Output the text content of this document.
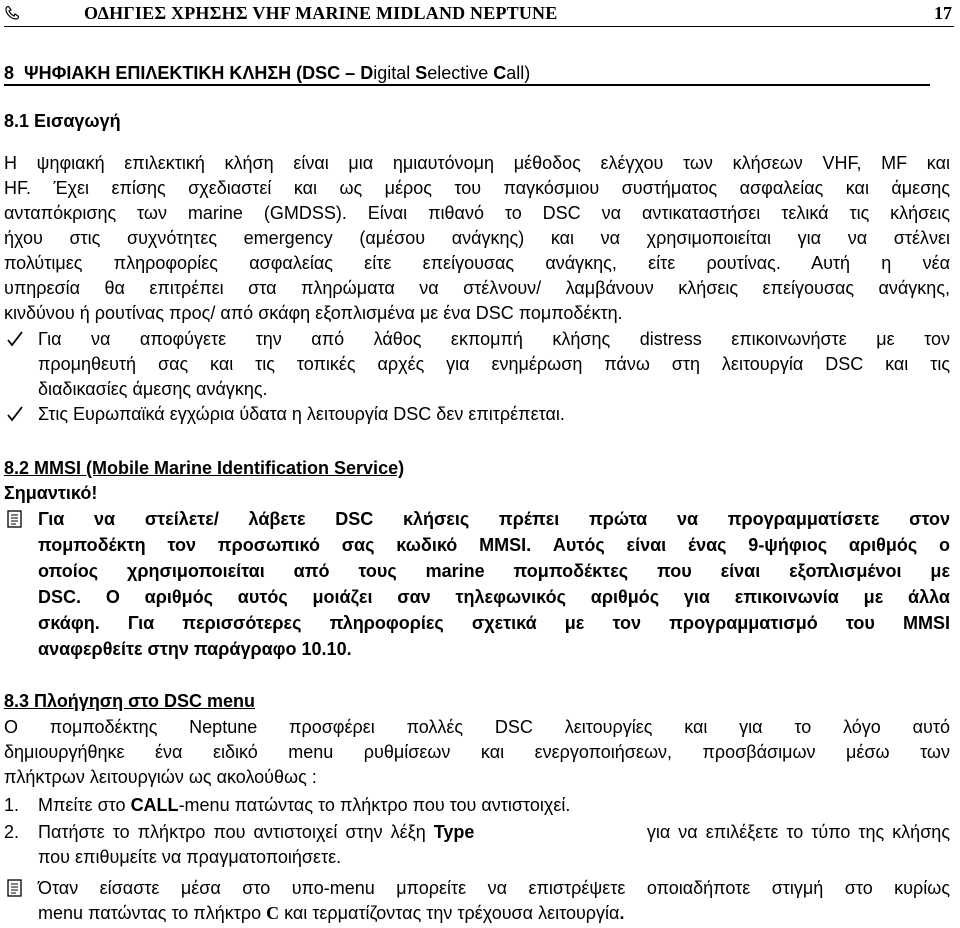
ΟΔΗΓΙΕΣ ΧΡΗΣΗΣ VHF MARINE MIDLAND NEPTUNE	17
8 ΨΗΦΙΑΚΗ ΕΠΙΛΕΚΤΙΚΗ ΚΛΗΣΗ (DSC – Digital Selective Call)
8.1 Εισαγωγή
Η ψηφιακή επιλεκτική κλήση είναι μια ημιαυτόνομη μέθοδος ελέγχου των κλήσεων VHF, MF και
HF. Έχει επίσης σχεδιαστεί και ως μέρος του παγκόσμιου συστήματος ασφαλείας και άμεσης
ανταπόκρισης των marine (GMDSS). Είναι πιθανό το DSC να αντικαταστήσει τελικά τις κλήσεις
ήχου στις συχνότητες emergency (αμέσου ανάγκης) και να χρησιμοποιείται για να στέλνει
πολύτιμες πληροφορίες ασφαλείας είτε επείγουσας ανάγκης, είτε ρουτίνας. Αυτή η νέα
υπηρεσία θα επιτρέπει στα πληρώματα να στέλνουν/ λαμβάνουν κλήσεις επείγουσας ανάγκης,
κινδύνου ή ρουτίνας προς/ από σκάφη εξοπλισμένα με ένα DSC πομποδέκτη.
Για να αποφύγετε την από λάθος εκπομπή κλήσης distress επικοινωνήστε με τον
προμηθευτή σας και τις τοπικές αρχές για ενημέρωση πάνω στη λειτουργία DSC και τις
διαδικασίες άμεσης ανάγκης.
Στις Ευρωπαϊκά εγχώρια ύδατα η λειτουργία DSC δεν επιτρέπεται.
8.2 MMSI (Mobile Marine Identification Service)
Σημαντικό!
Για να στείλετε/ λάβετε DSC κλήσεις πρέπει πρώτα να προγραμματίσετε στον
πομποδέκτη τον προσωπικό σας κωδικό MMSI. Αυτός είναι ένας 9-ψήφιος αριθμός ο
οποίος χρησιμοποιείται από τους marine πομποδέκτες που είναι εξοπλισμένοι με
DSC. Ο αριθμός αυτός μοιάζει σαν τηλεφωνικός αριθμός για επικοινωνία με άλλα
σκάφη. Για περισσότερες πληροφορίες σχετικά με τον προγραμματισμό του MMSI
αναφερθείτε στην παράγραφο 10.10.
8.3 Πλοήγηση στο DSC menu
Ο πομποδέκτης Neptune προσφέρει πολλές DSC λειτουργίες και για το λόγο αυτό
δημιουργήθηκε ένα ειδικό menu ρυθμίσεων και ενεργοποιήσεων, προσβάσιμων μέσω των
πλήκτρων λειτουργιών ως ακολούθως :
1. Μπείτε στο CALL-menu πατώντας το πλήκτρο που του αντιστοιχεί.
2. Πατήστε το πλήκτρο που αντιστοιχεί στην λέξη Type	για να επιλέξετε το τύπο της κλήσης
που επιθυμείτε να πραγματοποιήσετε.
Όταν είσαστε μέσα στο υπο-menu μπορείτε να επιστρέψετε οποιαδήποτε στιγμή στο κυρίως
menu πατώντας το πλήκτρο C και τερματίζοντας την τρέχουσα λειτουργία.
